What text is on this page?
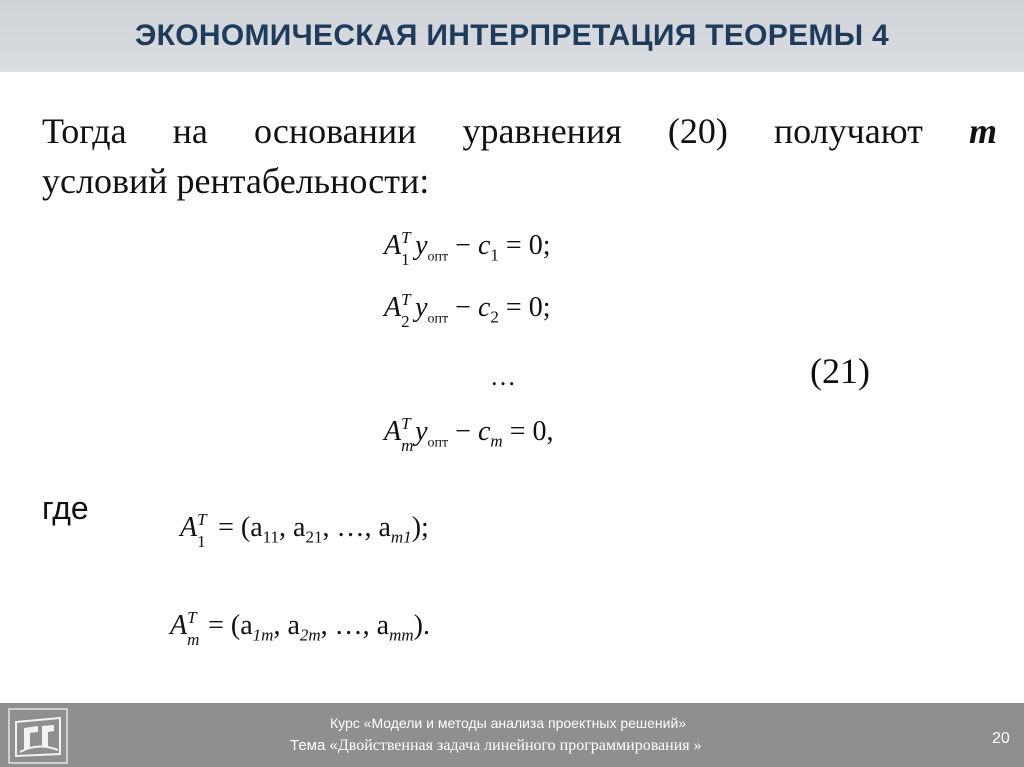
ЭКОНОМИЧЕСКАЯ ИНТЕРПРЕТАЦИЯ ТЕОРЕМЫ 4
Тогда на основании уравнения (20) получают m
условий рентабельности:
A T
1 $y_{опт} - c_1 = 0$;
A T
2 $y_{опт} - c_2 = 0$;
…	(21)
A T
m $y_{опт} - c_m = 0$,
где
A T
$1 = (a_{11}$, $a_{21}$, …, $a_{m1}$);
A T
$m = (a_{1m}$, $a_{2m}$, …, $a_{mm}$).
Курс «Модели и методы анализа проектных решений»
Тема «Двойственная задача линейного программирования »	20
